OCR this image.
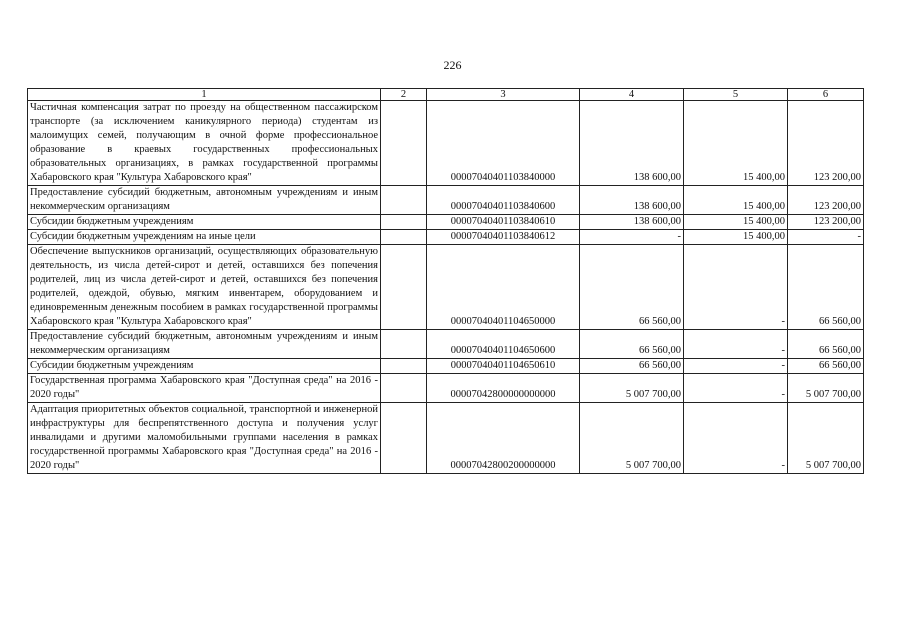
226
1	2	3	4	5	6
Частичная компенсация затрат по проезду на общественном пассажирском транспорте (за исключением каникулярного периода) студентам из малоимущих семей, получающим в очной форме профессиональное образование в краевых государственных профессиональных образовательных организациях, в рамках государственной программы Хабаровского края "Культура Хабаровского края"		00007040401103840000	138 600,00	15 400,00	123 200,00
Предоставление субсидий бюджетным, автономным учреждениям и иным некоммерческим организациям		00007040401103840600	138 600,00	15 400,00	123 200,00
Субсидии бюджетным учреждениям		00007040401103840610	138 600,00	15 400,00	123 200,00
Субсидии бюджетным учреждениям на иные цели		00007040401103840612	-	15 400,00	-
Обеспечение выпускников организаций, осуществляющих образовательную деятельность, из числа детей-сирот и детей, оставшихся без попечения родителей, лиц из числа детей-сирот и детей, оставшихся без попечения родителей, одеждой, обувью, мягким инвентарем, оборудованием и единовременным денежным пособием в рамках государственной программы Хабаровского края "Культура Хабаровского края"		00007040401104650000	66 560,00	-	66 560,00
Предоставление субсидий бюджетным, автономным учреждениям и иным некоммерческим организациям		00007040401104650600	66 560,00	-	66 560,00
Субсидии бюджетным учреждениям		00007040401104650610	66 560,00	-	66 560,00
Государственная программа Хабаровского края "Доступная среда" на 2016 - 2020 годы"		00007042800000000000	5 007 700,00	-	5 007 700,00
Адаптация приоритетных объектов социальной, транспортной и инженерной инфраструктуры для беспрепятственного доступа и получения услуг инвалидами и другими маломобильными группами населения в рамках государственной программы Хабаровского края "Доступная среда" на 2016 - 2020 годы"		00007042800200000000	5 007 700,00	-	5 007 700,00
